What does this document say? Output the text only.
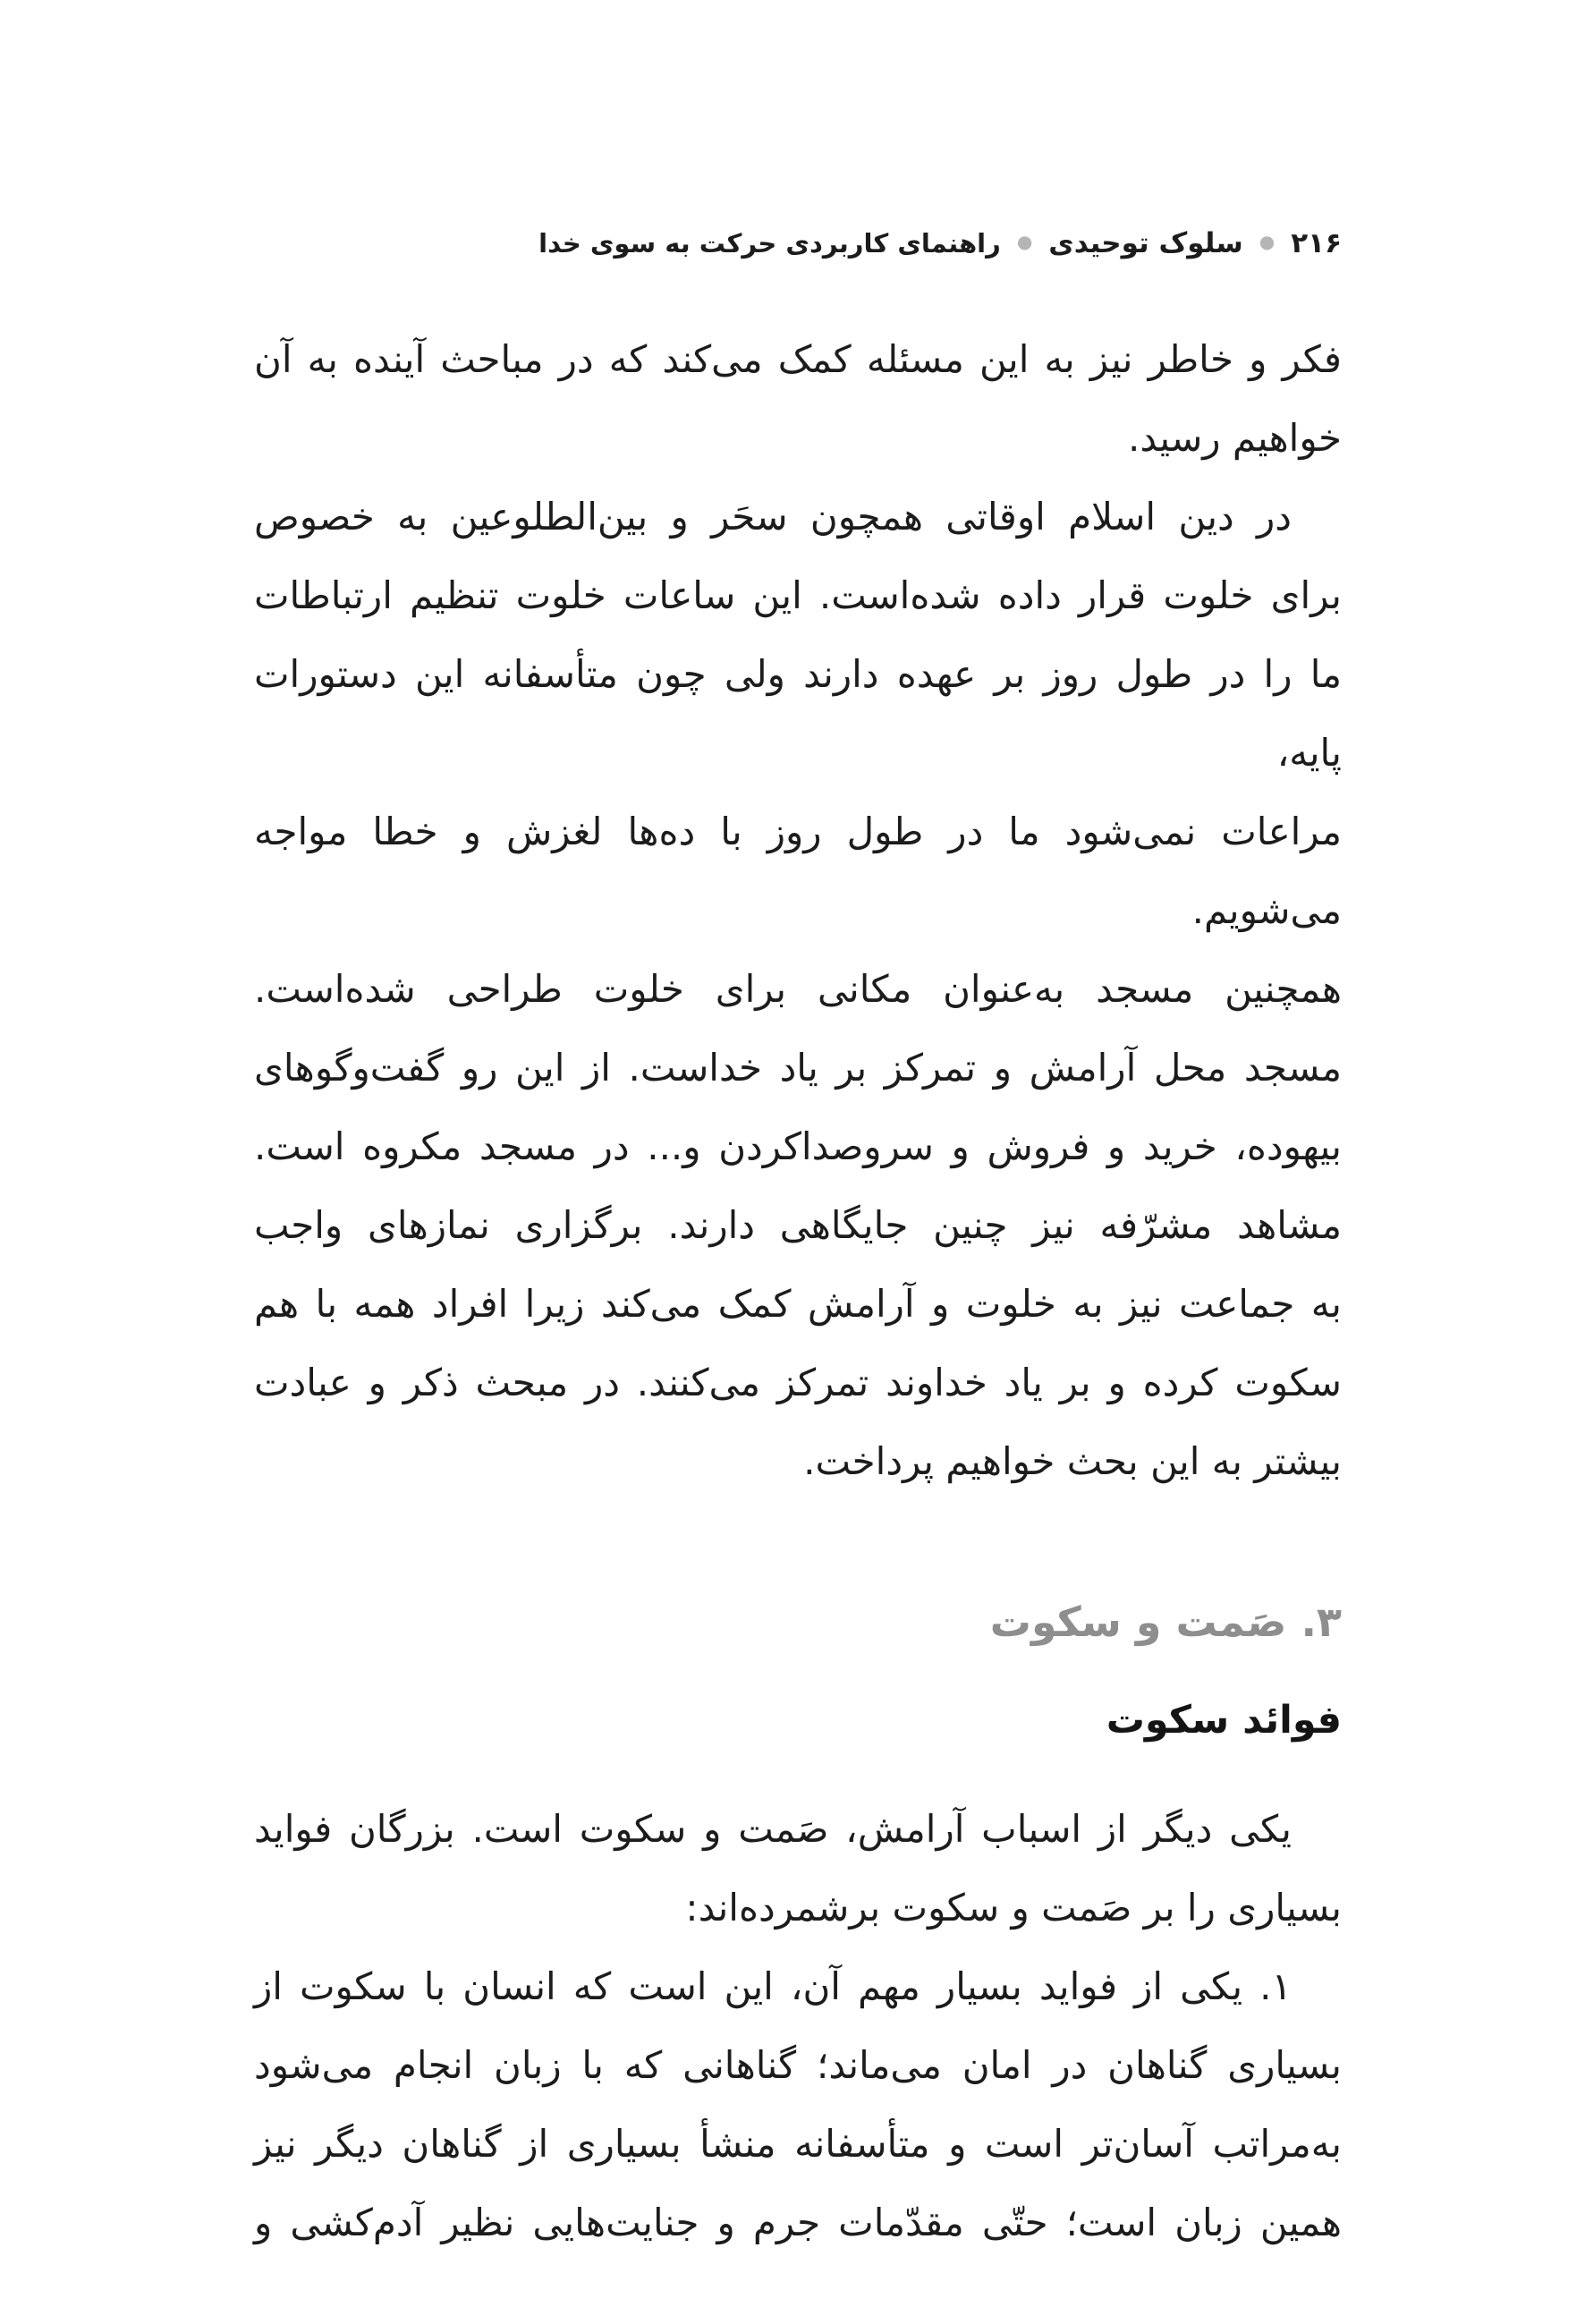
۲۱۶
●
سلوک توحیدی
●
راهنمای کاربردی حرکت به سوی خدا
فکر و خاطر نیز به این مسئله کمک می‌کند که در مباحث آینده به آن
خواهیم رسید.
در دین اسلام اوقاتی همچون سحَر و بین‌الطلوعین به خصوص
برای خلوت قرار داده شده‌است. این ساعات خلوت تنظیم ارتباطات
ما را در طول روز بر عهده دارند ولی چون متأسفانه این دستورات پایه،
مراعات نمی‌شود ما در طول روز با ده‌ها لغزش و خطا مواجه می‌شویم.
همچنین مسجد به‌عنوان مکانی برای خلوت طراحی شده‌است.
مسجد محل آرامش و تمرکز بر یاد خداست. از این رو گفت‌وگوهای
بیهوده، خرید و فروش و سروصداکردن و... در مسجد مکروه است.
مشاهد مشرّفه نیز چنین جایگاهی دارند. برگزاری نمازهای واجب
به جماعت نیز به خلوت و آرامش کمک می‌کند زیرا افراد همه با هم
سکوت کرده و بر یاد خداوند تمرکز می‌کنند. در مبحث ذکر و عبادت
بیشتر به این بحث خواهیم پرداخت.
۳. صَمت و سکوت
فوائد سکوت
یکی دیگر از اسباب آرامش، صَمت و سکوت است. بزرگان فواید
بسیاری را بر صَمت و سکوت برشمرده‌اند:
۱. یکی از فواید بسیار مهم آن، این است که انسان با سکوت از
بسیاری گناهان در امان می‌ماند؛ گناهانی که با زبان انجام می‌شود
به‌مراتب آسان‌تر است و متأسفانه منشأ بسیاری از گناهان دیگر نیز
همین زبان است؛ حتّی مقدّمات جرم و جنایت‌هایی نظیر آدم‌کشی و
